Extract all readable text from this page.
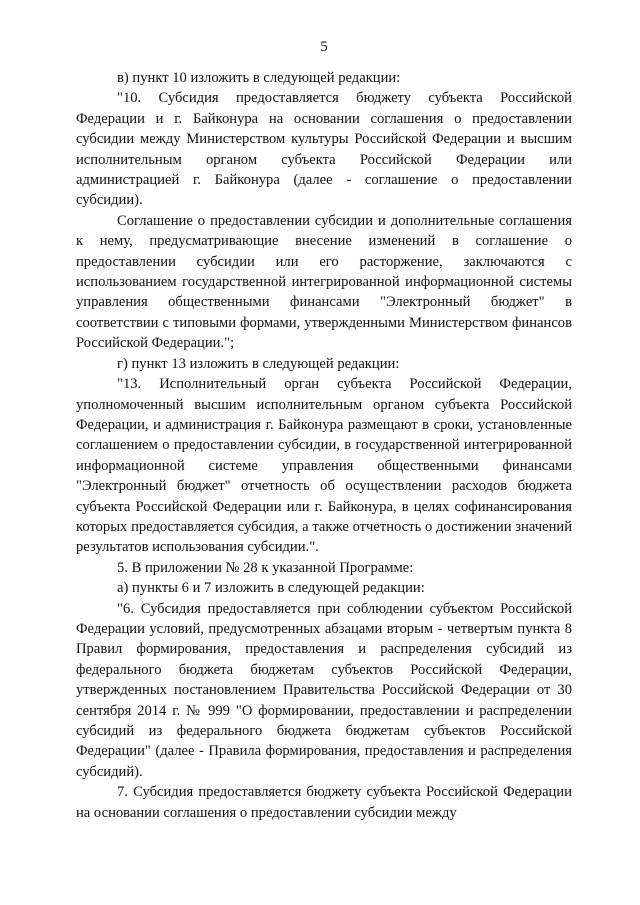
5

в) пункт 10 изложить в следующей редакции:

"10. Субсидия предоставляется бюджету субъекта Российской Федерации и г. Байконура на основании соглашения о предоставлении субсидии между Министерством культуры Российской Федерации и высшим исполнительным органом субъекта Российской Федерации или администрацией г. Байконура (далее - соглашение о предоставлении субсидии).

Соглашение о предоставлении субсидии и дополнительные соглашения к нему, предусматривающие внесение изменений в соглашение о предоставлении субсидии или его расторжение, заключаются с использованием государственной интегрированной информационной системы управления общественными финансами "Электронный бюджет" в соответствии с типовыми формами, утвержденными Министерством финансов Российской Федерации.";

г) пункт 13 изложить в следующей редакции:

"13. Исполнительный орган субъекта Российской Федерации, уполномоченный высшим исполнительным органом субъекта Российской Федерации, и администрация г. Байконура размещают в сроки, установленные соглашением о предоставлении субсидии, в государственной интегрированной информационной системе управления общественными финансами "Электронный бюджет" отчетность об осуществлении расходов бюджета субъекта Российской Федерации или г. Байконура, в целях софинансирования которых предоставляется субсидия, а также отчетность о достижении значений результатов использования субсидии.".

5. В приложении № 28 к указанной Программе:

а) пункты 6 и 7 изложить в следующей редакции:

"6. Субсидия предоставляется при соблюдении субъектом Российской Федерации условий, предусмотренных абзацами вторым - четвертым пункта 8 Правил формирования, предоставления и распределения субсидий из федерального бюджета бюджетам субъектов Российской Федерации, утвержденных постановлением Правительства Российской Федерации от 30 сентября 2014 г. № 999 "О формировании, предоставлении и распределении субсидий из федерального бюджета бюджетам субъектов Российской Федерации" (далее - Правила формирования, предоставления и распределения субсидий).

7. Субсидия предоставляется бюджету субъекта Российской Федерации на основании соглашения о предоставлении субсидии между
